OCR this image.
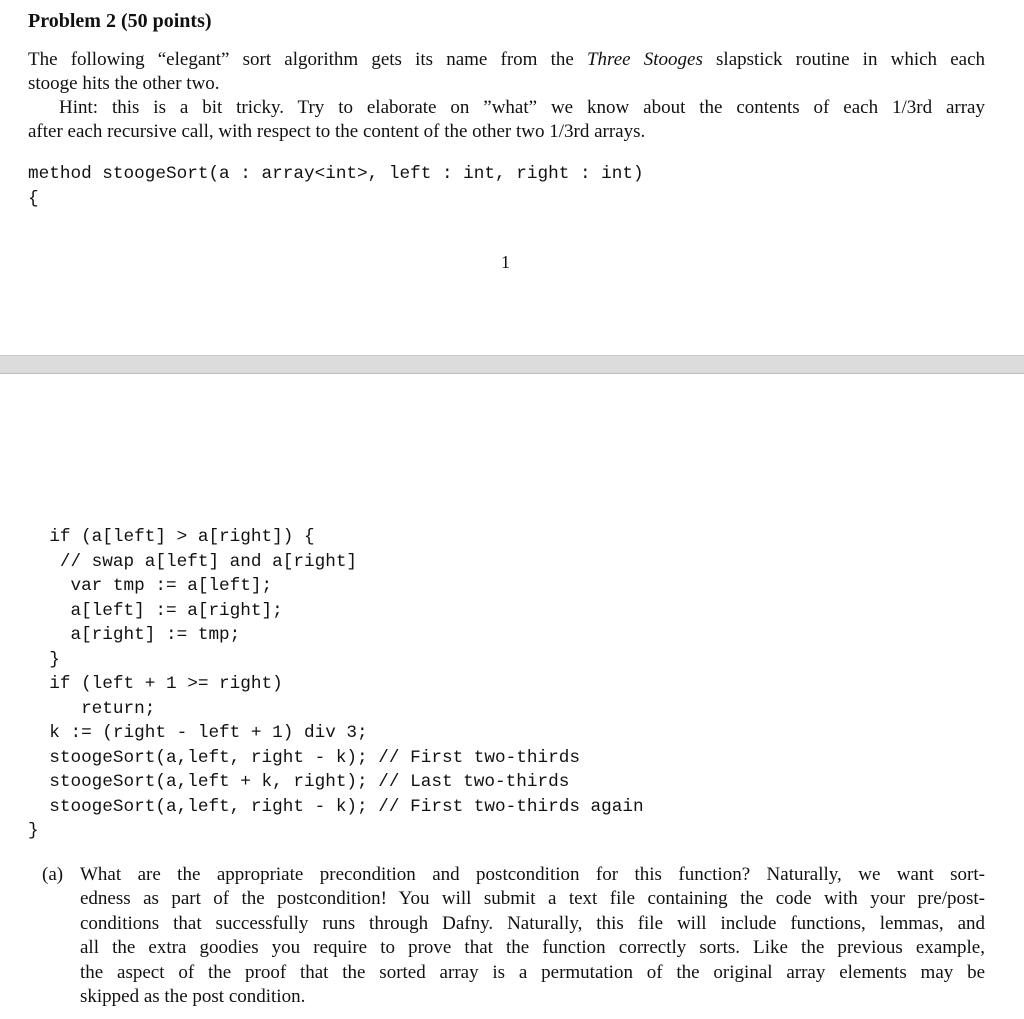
Problem 2 (50 points)
The following “elegant” sort algorithm gets its name from the Three Stooges slapstick routine in which each
stooge hits the other two.
Hint: this is a bit tricky. Try to elaborate on ”what” we know about the contents of each 1/3rd array
after each recursive call, with respect to the content of the other two 1/3rd arrays.
method stoogeSort(a : array<int>, left : int, right : int)
{
1
if (a[left] > a[right]) {
// swap a[left] and a[right]
var tmp := a[left];
a[left] := a[right];
a[right] := tmp;
}
if (left + 1 >= right)
return;
k := (right - left + 1) div 3;
stoogeSort(a,left, right - k); // First two-thirds
stoogeSort(a,left + k, right); // Last two-thirds
stoogeSort(a,left, right - k); // First two-thirds again
}
(a) What are the appropriate precondition and postcondition for this function? Naturally, we want sort-
edness as part of the postcondition! You will submit a text file containing the code with your pre/post-
conditions that successfully runs through Dafny. Naturally, this file will include functions, lemmas, and
all the extra goodies you require to prove that the function correctly sorts. Like the previous example,
the aspect of the proof that the sorted array is a permutation of the original array elements may be
skipped as the post condition.
